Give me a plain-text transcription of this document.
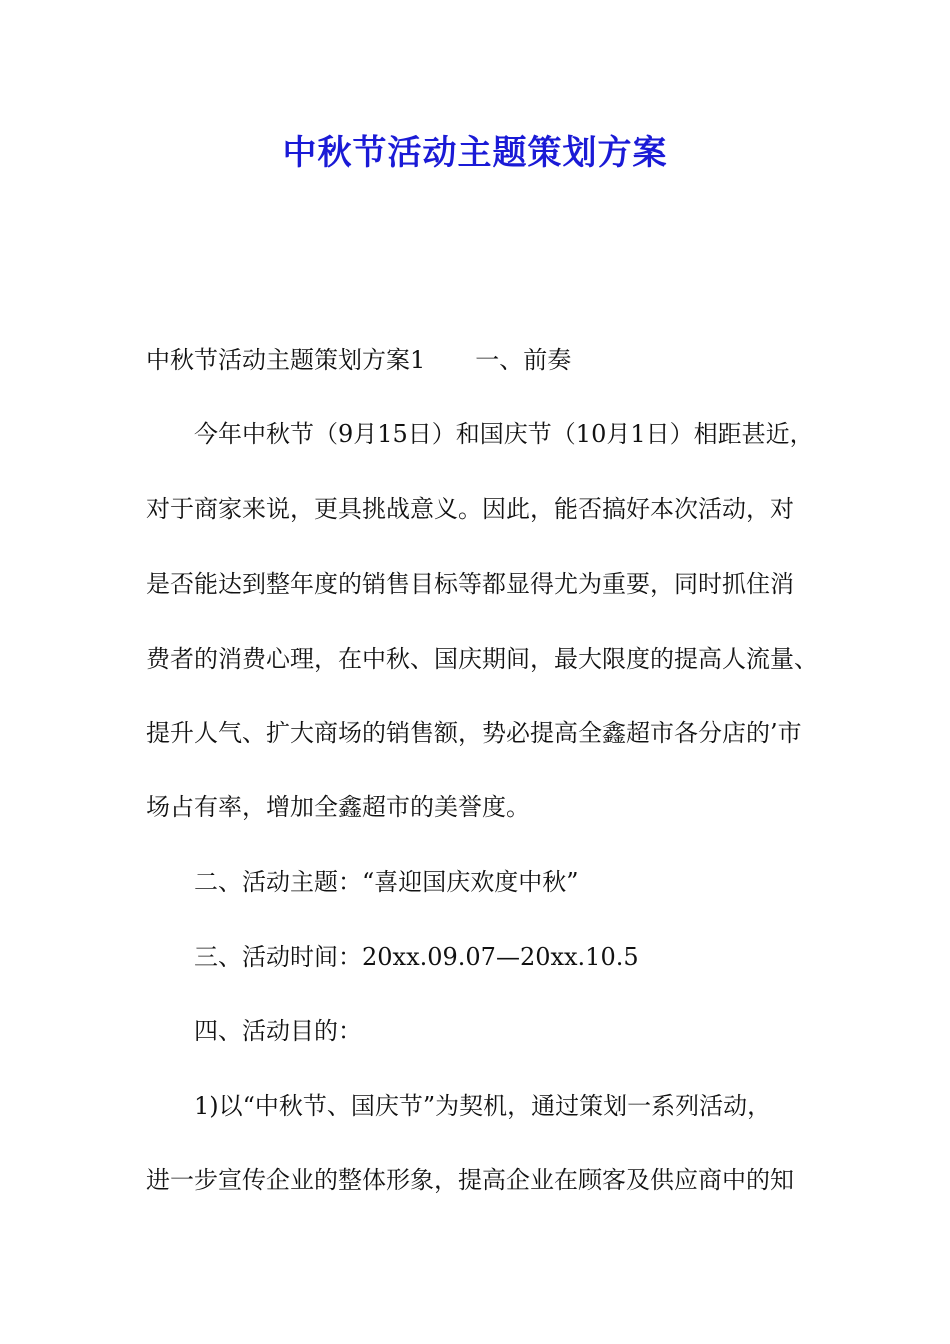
中秋节活动主题策划方案
中秋节活动主题策划方案1 一、前奏
今年中秋节（9月15日）和国庆节（10月1日）相距甚近，
对于商家来说，更具挑战意义。因此，能否搞好本次活动，对
是否能达到整年度的销售目标等都显得尤为重要，同时抓住消
费者的消费心理，在中秋、国庆期间，最大限度的提高人流量、
提升人气、扩大商场的销售额，势必提高全鑫超市各分店的’市
场占有率，增加全鑫超市的美誉度。
二、活动主题：“喜迎国庆欢度中秋”
三、活动时间：20xx.09.07—20xx.10.5
四、活动目的：
1)以“中秋节、国庆节”为契机，通过策划一系列活动，
进一步宣传企业的整体形象，提高企业在顾客及供应商中的知
